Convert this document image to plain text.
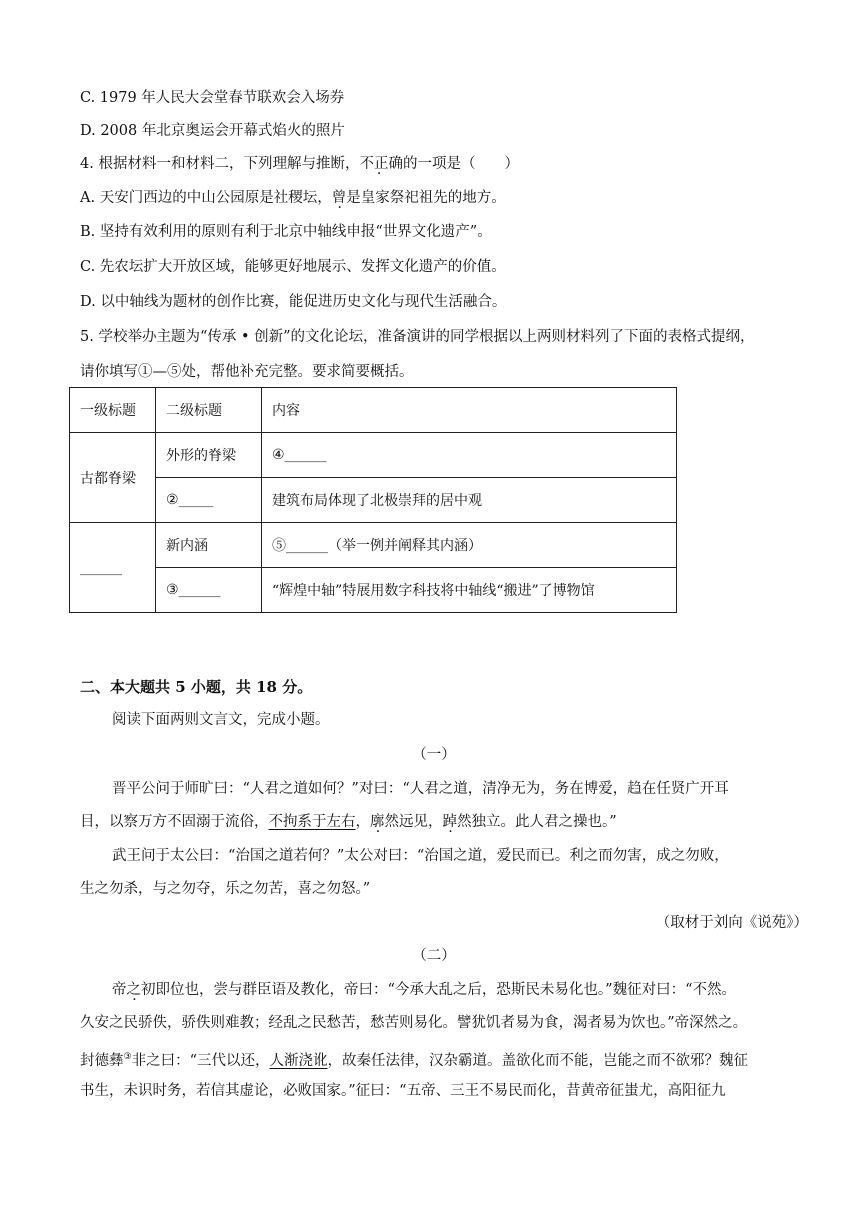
C. 1979 年人民大会堂春节联欢会入场券
D. 2008 年北京奥运会开幕式焰火的照片
4. 根据材料一和材料二，下列理解与推断，不正确的一项是（　　）
A. 天安门西边的中山公园原是社稷坛，曾是皇家祭祀祖先的地方。
B. 坚持有效利用的原则有利于北京中轴线申报“世界文化遗产”。
C. 先农坛扩大开放区域，能够更好地展示、发挥文化遗产的价值。
D. 以中轴线为题材的创作比赛，能促进历史文化与现代生活融合。
5. 学校举办主题为“传承 • 创新”的文化论坛，准备演讲的同学根据以上两则材料列了下面的表格式提纲，
请你填写①—⑤处，帮他补充完整。要求简要概括。
一级标题	二级标题	内容
古都脊梁	外形的脊梁	④______
	②_____	建筑布局体现了北极崇拜的居中观
______	新内涵	⑤______（举一例并阐释其内涵）
	③______	“辉煌中轴”特展用数字科技将中轴线“搬进”了博物馆
二、本大题共 5 小题，共 18 分。
阅读下面两则文言文，完成小题。
（一）
晋平公问于师旷曰：“人君之道如何？”对曰：“人君之道，清净无为，务在博爱，趋在任贤广开耳
目，以察万方不固溺于流俗，不拘系于左右，廓然远见，踔然独立。此人君之操也。”
武王问于太公曰：“治国之道若何？”太公对曰：“治国之道，爱民而已。利之而勿害，成之勿败，
生之勿杀，与之勿夺，乐之勿苦，喜之勿怒。”
（取材于刘向《说苑》）
（二）
帝之初即位也，尝与群臣语及教化，帝曰：“今承大乱之后，恐斯民未易化也。”魏征对曰：“不然。
久安之民骄佚，骄佚则难教；经乱之民愁苦，愁苦则易化。譬犹饥者易为食，渴者易为饮也。”帝深然之。
封德彝③非之曰：“三代以还，人渐浇讹，故秦任法律，汉杂霸道。盖欲化而不能，岂能之而不欲邪？魏征
书生，未识时务，若信其虚论，必败国家。”征曰：“五帝、三王不易民而化，昔黄帝征蚩尤，高阳征九
